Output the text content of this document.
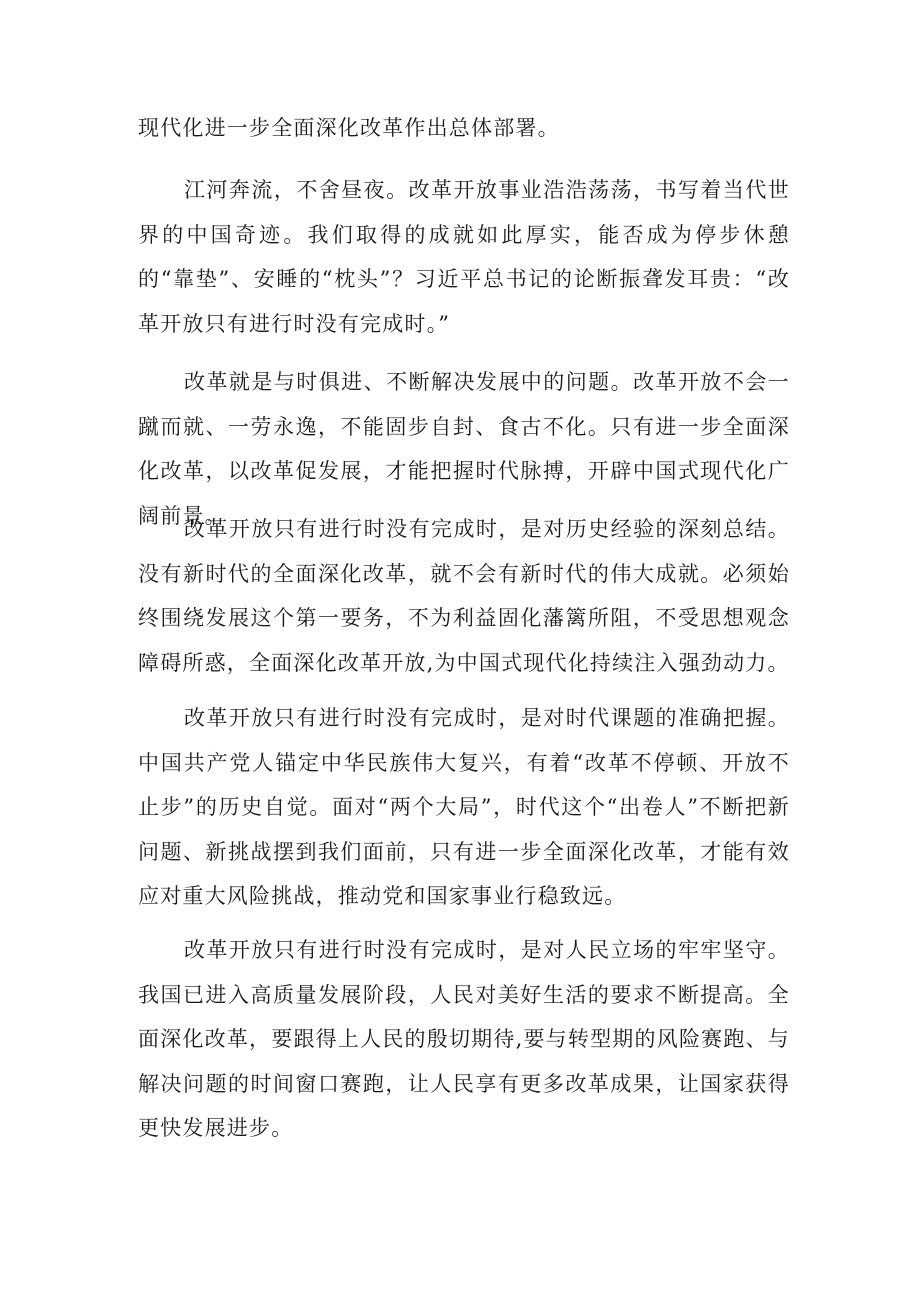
现代化进一步全面深化改革作出总体部署。

江河奔流，不舍昼夜。改革开放事业浩浩荡荡，书写着当代世界的中国奇迹。我们取得的成就如此厚实，能否成为停步休憩的“靠垫”、安睡的“枕头”？习近平总书记的论断振聋发耳贵：“改革开放只有进行时没有完成时。”

改革就是与时俱进、不断解决发展中的问题。改革开放不会一蹴而就、一劳永逸，不能固步自封、食古不化。只有进一步全面深化改革，以改革促发展，才能把握时代脉搏，开辟中国式现代化广阔前景。

改革开放只有进行时没有完成时，是对历史经验的深刻总结。没有新时代的全面深化改革，就不会有新时代的伟大成就。必须始终围绕发展这个第一要务，不为利益固化藩篱所阻，不受思想观念障碍所惑，全面深化改革开放,为中国式现代化持续注入强劲动力。

改革开放只有进行时没有完成时，是对时代课题的准确把握。中国共产党人锚定中华民族伟大复兴，有着“改革不停顿、开放不止步”的历史自觉。面对“两个大局”，时代这个“出卷人”不断把新问题、新挑战摆到我们面前，只有进一步全面深化改革，才能有效应对重大风险挑战，推动党和国家事业行稳致远。

改革开放只有进行时没有完成时，是对人民立场的牢牢坚守。我国已进入高质量发展阶段，人民对美好生活的要求不断提高。全面深化改革，要跟得上人民的殷切期待,要与转型期的风险赛跑、与解决问题的时间窗口赛跑，让人民享有更多改革成果，让国家获得更快发展进步。
